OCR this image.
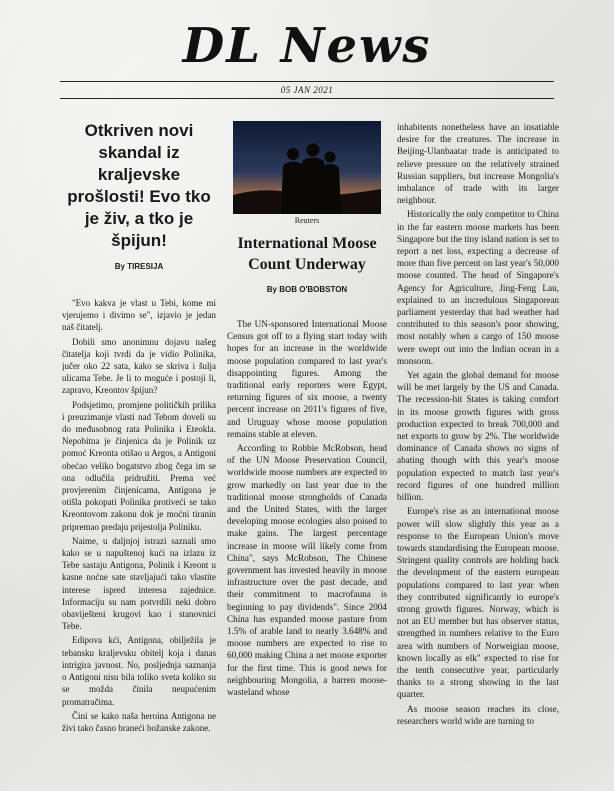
DL News
05 JAN 2021
Otkriven novi skandal iz kraljevske prošlosti! Evo tko je živ, a tko je špijun!
By TIRESIJA

"Evo kakva je vlast u Tebi, kome mi vjerujemo i divimo se", izjavio je jedan naš čitatelj.

Dobili smo anonimnu dojavu našeg čitatelja koji tvrdi da je vidio Polinika, jučer oko 22 sata, kako se skriva i šulja ulicama Tebe. Je li to moguće i postoji li, zapravo, Kreontov špijun?

Podsjetimo, promjene političkih prilika i preuzimanje vlasti nad Tebom doveli su do međusobnog rata Polinika i Eteokla. Nepobitna je činjenica da je Polinik uz pomoć Kreonta otišao u Argos, a Antigoni obećao veliko bogatstvo zbog čega im se ona odlučila pridružiti. Prema već provjerenim činjenicama, Antigona je otišla pokopati Polinika protiveći se tako Kreontovom zakonu dok je moćni tiranin pripremao predaju prijestolja Poliniku.

Naime, u daljnjoj istrazi saznali smo kako se u napuštenoj kući na izlazu iz Tebe sastaju Antigona, Polinik i Kreont u kasne noćne sate stavljajući tako vlastite interese ispred interesa zajednice. Informaciju su nam potvrdili neki dobro obaviješteni krugovi kao i stanovnici Tebe.

Edipova kći, Antigona, obilježila je tebansku kraljevsku obitelj koja i danas intrigira javnost. No, posljednja saznanja o Antigoni nisu bila toliko sveta koliko su se možda činila neupućenim promatračima.

Čini se kako naša heroina Antigona ne živi tako časno braneći božanske zakone.

Reuters
International Moose Count Underway
By BOB O'BOBSTON

The UN-sponsored International Moose Census got off to a flying start today with hopes for an increase in the worldwide moose population compared to last year's disappointing figures. Among the traditional early reporters were Egypt, returning figures of six moose, a twenty percent increase on 2011's figures of five, and Uruguay whose moose population remains stable at eleven.

According to Robbie McRobson, head of the UN Moose Preservation Council, worldwide moose numbers are expected to grow markedly on last year due to the traditional moose strongholds of Canada and the United States, with the larger developing moose ecologies also poised to make gains. The largest percentage increase in moose will likely come from China", says McRobson, The Chinese government has invested heavily in moose infrastructure over the past decade, and their commitment to macrofauna is beginning to pay dividends". Since 2004 China has expanded moose pasture from 1.5% of arable land to nearly 3.648% and moose numbers are expected to rise to 60,000 making China a net moose exporter for the first time. This is good news for neighbouring Mongolia, a barren moose-wasteland whose

inhabitents nonetheless have an insatiable desire for the creatures. The increase in Beijing-Ulanbaatar trade is anticipated to relieve pressure on the relatively strained Russian suppliers, but increase Mongolia's imbalance of trade with its larger neighbour.

Historically the only competitor to China in the far eastern moose markets has been Singapore but the tiny island nation is set to report a net loss, expecting a decrease of more than five percent on last year's 50,000 moose counted. The head of Singapore's Agency for Agriculture, Jing-Feng Lau, explained to an incredulous Singaporean parliament yesterday that bad weather had contributed to this season's poor showing, most notably when a cargo of 150 moose were swept out into the Indian ocean in a monsoon.

Yet again the global demand for moose will be met largely by the US and Canada. The recession-hit States is taking comfort in its moose growth figures with gross production expected to break 700,000 and net exports to grow by 2%. The worldwide dominance of Canada shows no signs of abating though with this year's moose population expected to match last year's record figures of one hundred million billion.

Europe's rise as an international moose power will slow slightly this year as a response to the European Union's move towards standardising the European moose. Stringent quality controls are holding back the development of the eastern european populations compared to last year when they contributed significantly to europe's strong growth figures. Norway, which is not an EU member but has observer status, strengthed in numbers relative to the Euro area with numbers of Norweigian moose, known locally as elk" expected to rise for the tenth consecutive year, particularly thanks to a strong showing in the last quarter.

As moose season reaches its close, researchers world wide are turning to
